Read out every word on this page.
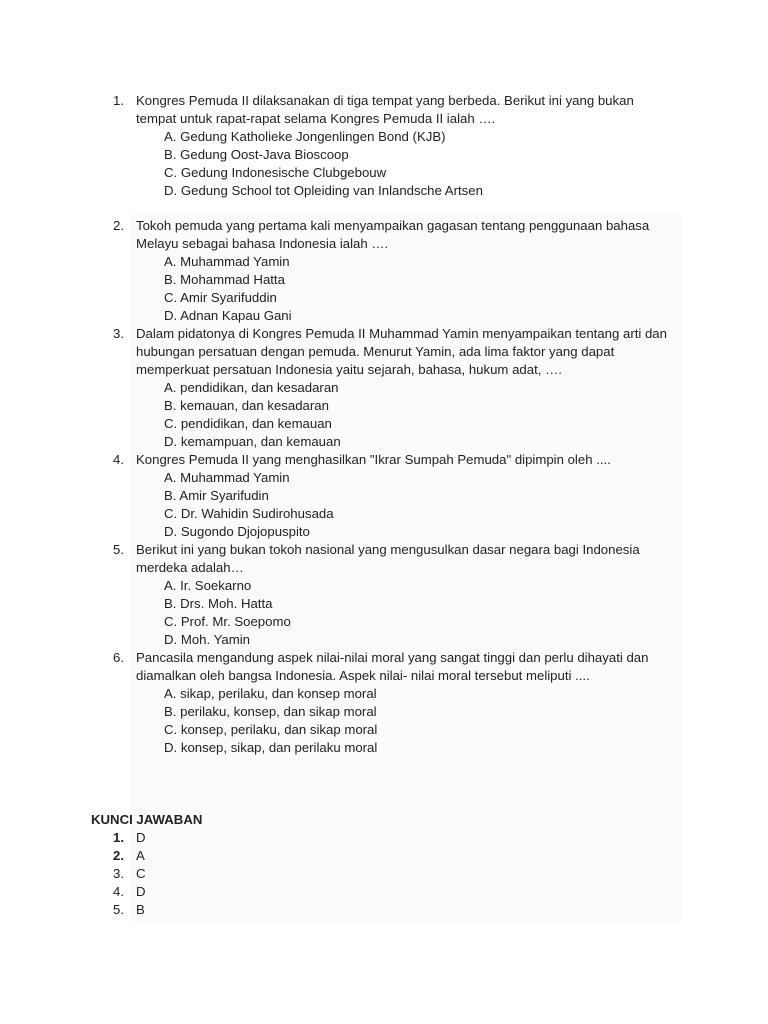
1. Kongres Pemuda II dilaksanakan di tiga tempat yang berbeda. Berikut ini yang bukan
tempat untuk rapat-rapat selama Kongres Pemuda II ialah ….
A. Gedung Katholieke Jongenlingen Bond (KJB)
B. Gedung Oost-Java Bioscoop
C. Gedung Indonesische Clubgebouw
D. Gedung School tot Opleiding van Inlandsche Artsen
2. Tokoh pemuda yang pertama kali menyampaikan gagasan tentang penggunaan bahasa
Melayu sebagai bahasa Indonesia ialah ….
A. Muhammad Yamin
B. Mohammad Hatta
C. Amir Syarifuddin
D. Adnan Kapau Gani
3. Dalam pidatonya di Kongres Pemuda II Muhammad Yamin menyampaikan tentang arti dan
hubungan persatuan dengan pemuda. Menurut Yamin, ada lima faktor yang dapat
memperkuat persatuan Indonesia yaitu sejarah, bahasa, hukum adat, ….
A. pendidikan, dan kesadaran
B. kemauan, dan kesadaran
C. pendidikan, dan kemauan
D. kemampuan, dan kemauan
4. Kongres Pemuda II yang menghasilkan "Ikrar Sumpah Pemuda" dipimpin oleh ....
A. Muhammad Yamin
B. Amir Syarifudin
C. Dr. Wahidin Sudirohusada
D. Sugondo Djojopuspito
5. Berikut ini yang bukan tokoh nasional yang mengusulkan dasar negara bagi Indonesia
merdeka adalah…
A. Ir. Soekarno
B. Drs. Moh. Hatta
C. Prof. Mr. Soepomo
D. Moh. Yamin
6. Pancasila mengandung aspek nilai-nilai moral yang sangat tinggi dan perlu dihayati dan
diamalkan oleh bangsa Indonesia. Aspek nilai- nilai moral tersebut meliputi ....
A. sikap, perilaku, dan konsep moral
B. perilaku, konsep, dan sikap moral
C. konsep, perilaku, dan sikap moral
D. konsep, sikap, dan perilaku moral
KUNCI JAWABAN
1. D
2. A
3. C
4. D
5. B
